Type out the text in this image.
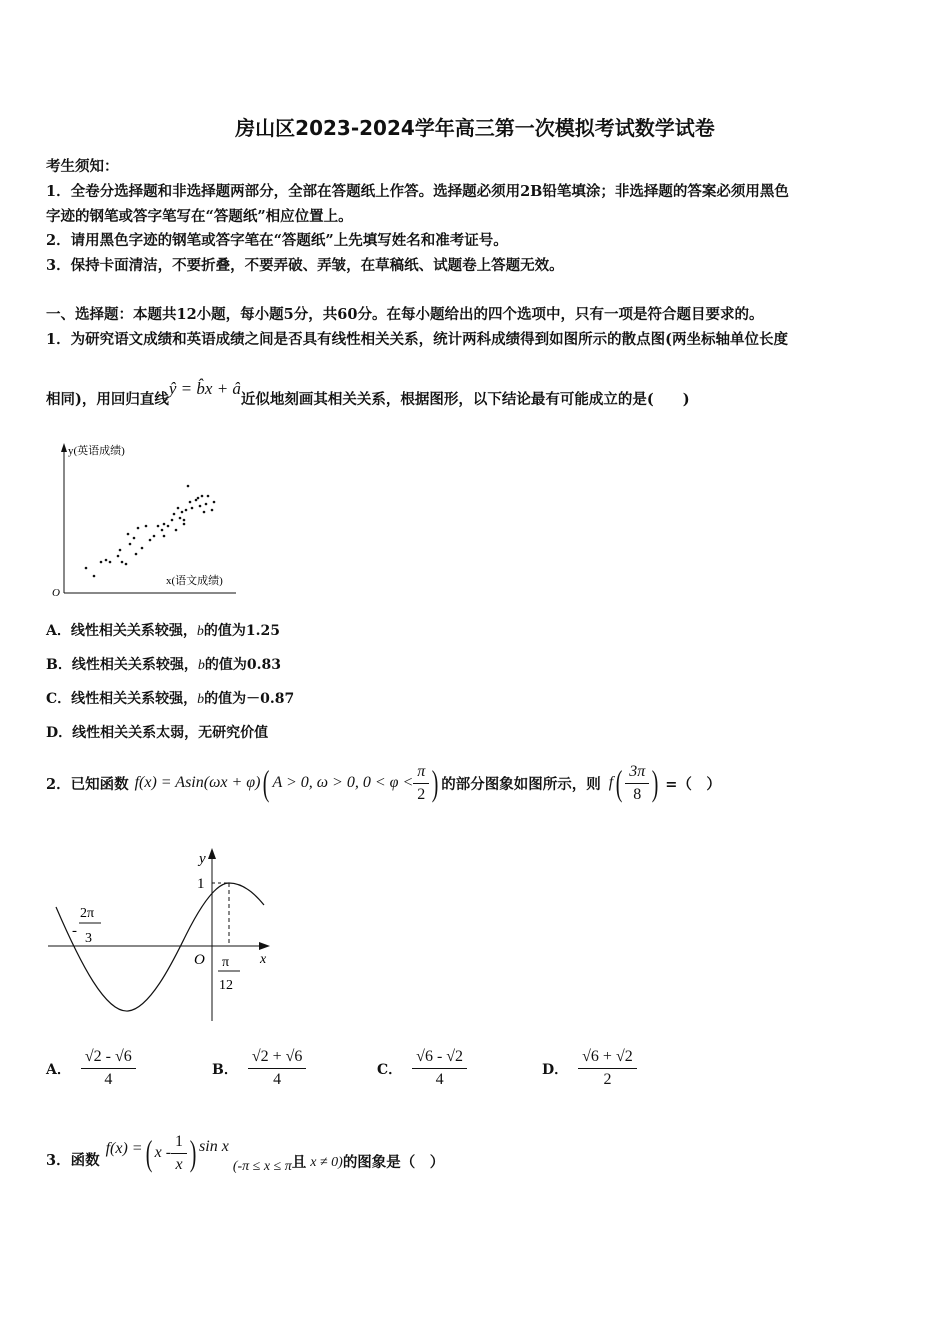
房山区2023-2024学年高三第一次模拟考试数学试卷
考生须知：
1．全卷分选择题和非选择题两部分，全部在答题纸上作答。选择题必须用2B铅笔填涂；非选择题的答案必须用黑色
字迹的钢笔或答字笔写在“答题纸”相应位置上。
2．请用黑色字迹的钢笔或答字笔在“答题纸”上先填写姓名和准考证号。
3．保持卡面清洁，不要折叠，不要弄破、弄皱，在草稿纸、试题卷上答题无效。
一、选择题：本题共12小题，每小题5分，共60分。在每小题给出的四个选项中，只有一项是符合题目要求的。
1．为研究语文成绩和英语成绩之间是否具有线性相关关系，统计两科成绩得到如图所示的散点图(两坐标轴单位长度
相同)，用回归直线ŷ = b̂x + â近似地刻画其相关关系，根据图形，以下结论最有可能成立的是(　　)
y(英语成绩)
x(语文成绩)
O
A．线性相关关系较强，b的值为1.25
B．线性相关关系较强，b的值为0.83
C．线性相关关系较强，b的值为－0.87
D．线性相关关系太弱，无研究价值
2．已知函数 f(x) = Asin(ωx + φ) ( A > 0, ω > 0, $0 < \varphi < \frac{\pi}{2}$ ) 的部分图象如图所示，则 f ( $\frac{3\pi}{8}$ ) =（　）
y
x
1
O
-
2π
3
π
12
A． $\frac{√2 - √6}{4}$	B． $\frac{√2 + √6}{4}$	C． $\frac{√6 - √2}{4}$	D． $\frac{√6 + √2}{2}$
3．函数
f(x) = ( x - $\frac{1}{x}$ ) sin x
(-π ≤ x ≤ π 且 x ≠ 0) 的图象是（　）
